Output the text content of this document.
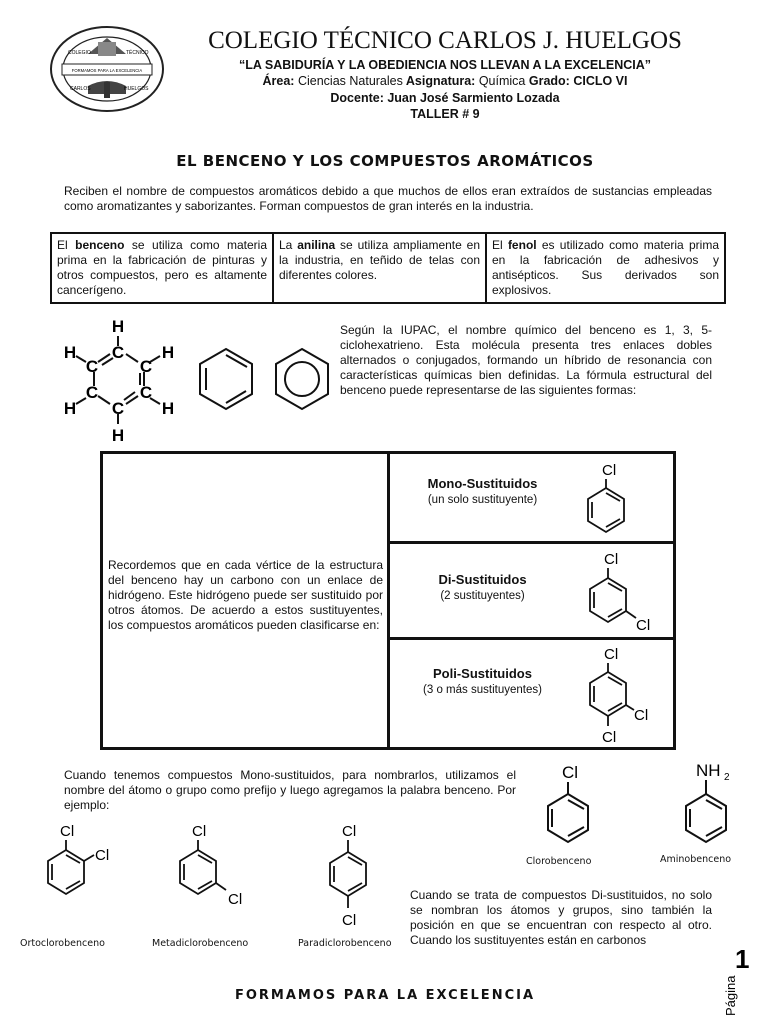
COLEGIO	TÉCNICO
FORMAMOS PARA LA EXCELENCIA
CARLOS	HUELGOS
COLEGIO TÉCNICO CARLOS J. HUELGOS
“LA SABIDURÍA Y LA OBEDIENCIA NOS LLEVAN A LA EXCELENCIA”
Área: Ciencias Naturales Asignatura: Química Grado: CICLO VI
Docente: Juan José Sarmiento Lozada
TALLER # 9
EL BENCENO Y LOS COMPUESTOS AROMÁTICOS
Reciben el nombre de compuestos aromáticos debido a que muchos de ellos eran extraídos de sustancias empleadas como aromatizantes y saborizantes. Forman compuestos de gran interés en la industria.
El benceno se utiliza como materia prima en la fabricación de pinturas y otros compuestos, pero es altamente cancerígeno.
La anilina se utiliza ampliamente en la industria, en teñido de telas con diferentes colores.
El fenol es utilizado como materia prima en la fabricación de adhesivos y antisépticos. Sus derivados son explosivos.
H
C
C C
C C
C
H	H
H	H
H
Según la IUPAC, el nombre químico del benceno es 1, 3, 5-ciclohexatrieno. Esta molécula presenta tres enlaces dobles alternados o conjugados, formando un híbrido de resonancia con características químicas bien definidas. La fórmula estructural del benceno puede representarse de las siguientes formas:

Recordemos que en cada vértice de la estructura del benceno hay un carbono con un enlace de hidrógeno. Este hidrógeno puede ser sustituido por otros átomos. De acuerdo a estos sustituyentes, los compuestos aromáticos pueden clasificarse en:

Mono-Sustituidos
(un solo sustituyente)
Cl
Di-Sustituidos
(2 sustituyentes)
Cl
Cl
Poli-Sustituidos
(3 o más sustituyentes)
Cl
Cl
Cl
Cuando tenemos compuestos Mono-sustituidos, para nombrarlos, utilizamos el nombre del átomo o grupo como prefijo y luego agregamos la palabra benceno. Por ejemplo:
Cl
Clorobenceno
NH 2
Aminobenceno
Cl
Cl
Ortoclorobenceno
Cl
Cl
Metadiclorobenceno
Cl
Cl
Paradiclorobenceno
Cuando se trata de compuestos Di-sustituidos, no solo se nombran los átomos y grupos, sino también la posición en que se encuentran con respecto al otro. Cuando los sustituyentes están en carbonos
FORMAMOS PARA LA EXCELENCIA	Página
1
